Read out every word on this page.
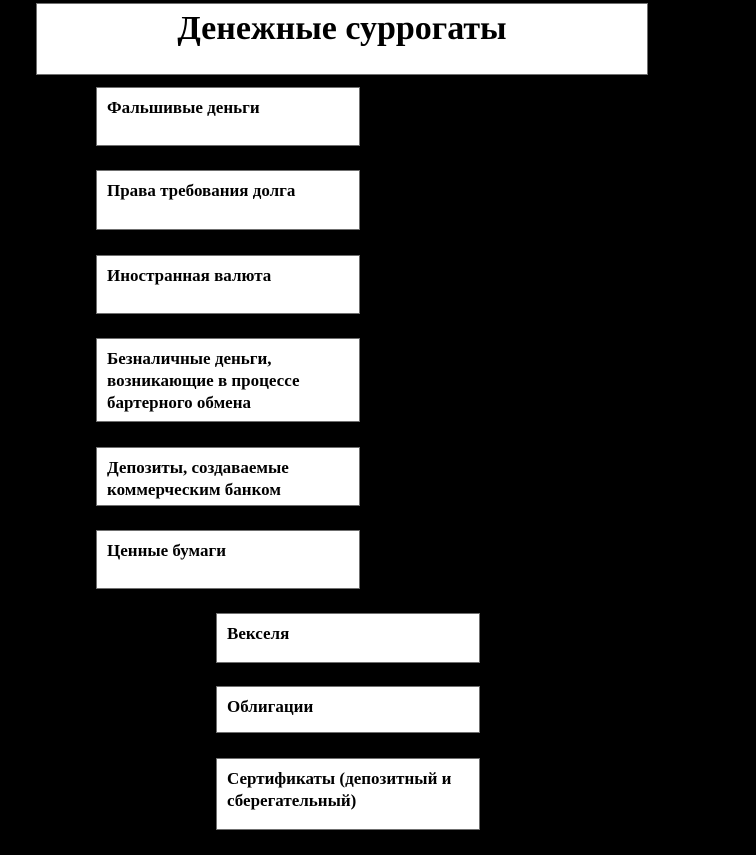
Денежные суррогаты
Фальшивые деньги
Права требования долга
Иностранная валюта
Безналичные деньги, возникающие в процессе бартерного обмена
Депозиты, создаваемые коммерческим банком
Ценные бумаги
Векселя
Облигации
Сертификаты (депозитный и сберегательный)
